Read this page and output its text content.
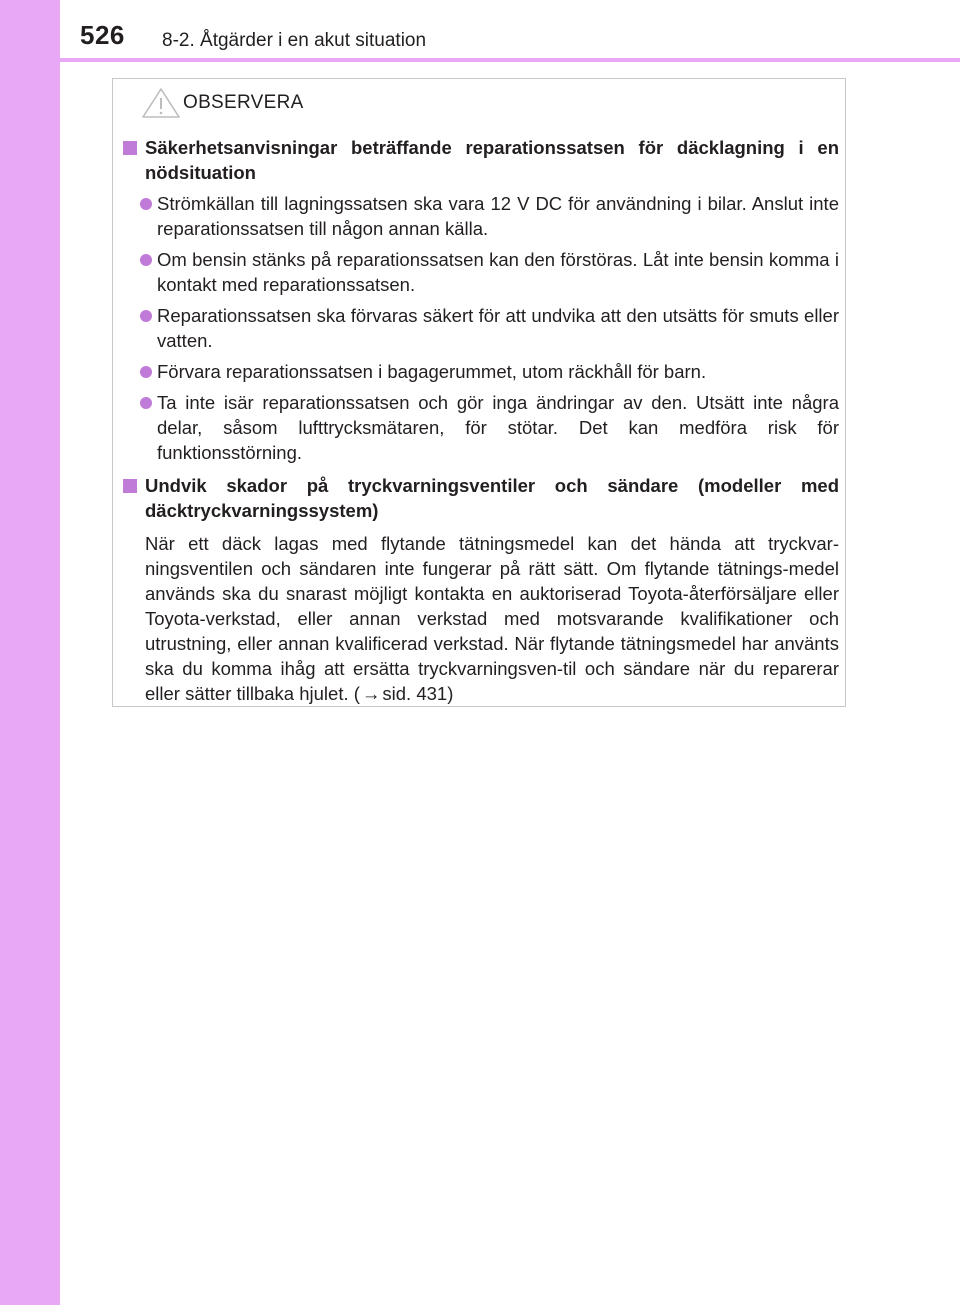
526 8-2. Åtgärder i en akut situation
OBSERVERA
Säkerhetsanvisningar beträffande reparationssatsen för däcklagning i en nödsituation
Strömkällan till lagningssatsen ska vara 12 V DC för användning i bilar. Anslut inte reparationssatsen till någon annan källa.
Om bensin stänks på reparationssatsen kan den förstöras. Låt inte bensin komma i kontakt med reparationssatsen.
Reparationssatsen ska förvaras säkert för att undvika att den utsätts för smuts eller vatten.
Förvara reparationssatsen i bagagerummet, utom räckhåll för barn.
Ta inte isär reparationssatsen och gör inga ändringar av den. Utsätt inte några delar, såsom lufttrycksmätaren, för stötar. Det kan medföra risk för funktionsstörning.
Undvik skador på tryckvarningsventiler och sändare (modeller med däcktryckvarningssystem)
När ett däck lagas med flytande tätningsmedel kan det hända att tryckvar-ningsventilen och sändaren inte fungerar på rätt sätt. Om flytande tätnings-medel används ska du snarast möjligt kontakta en auktoriserad Toyota-återförsäljare eller Toyota-verkstad, eller annan verkstad med motsvarande kvalifikationer och utrustning, eller annan kvalificerad verkstad. När flytande tätningsmedel har använts ska du komma ihåg att ersätta tryckvarningsven-til och sändare när du reparerar eller sätter tillbaka hjulet. ( → sid. 431)
